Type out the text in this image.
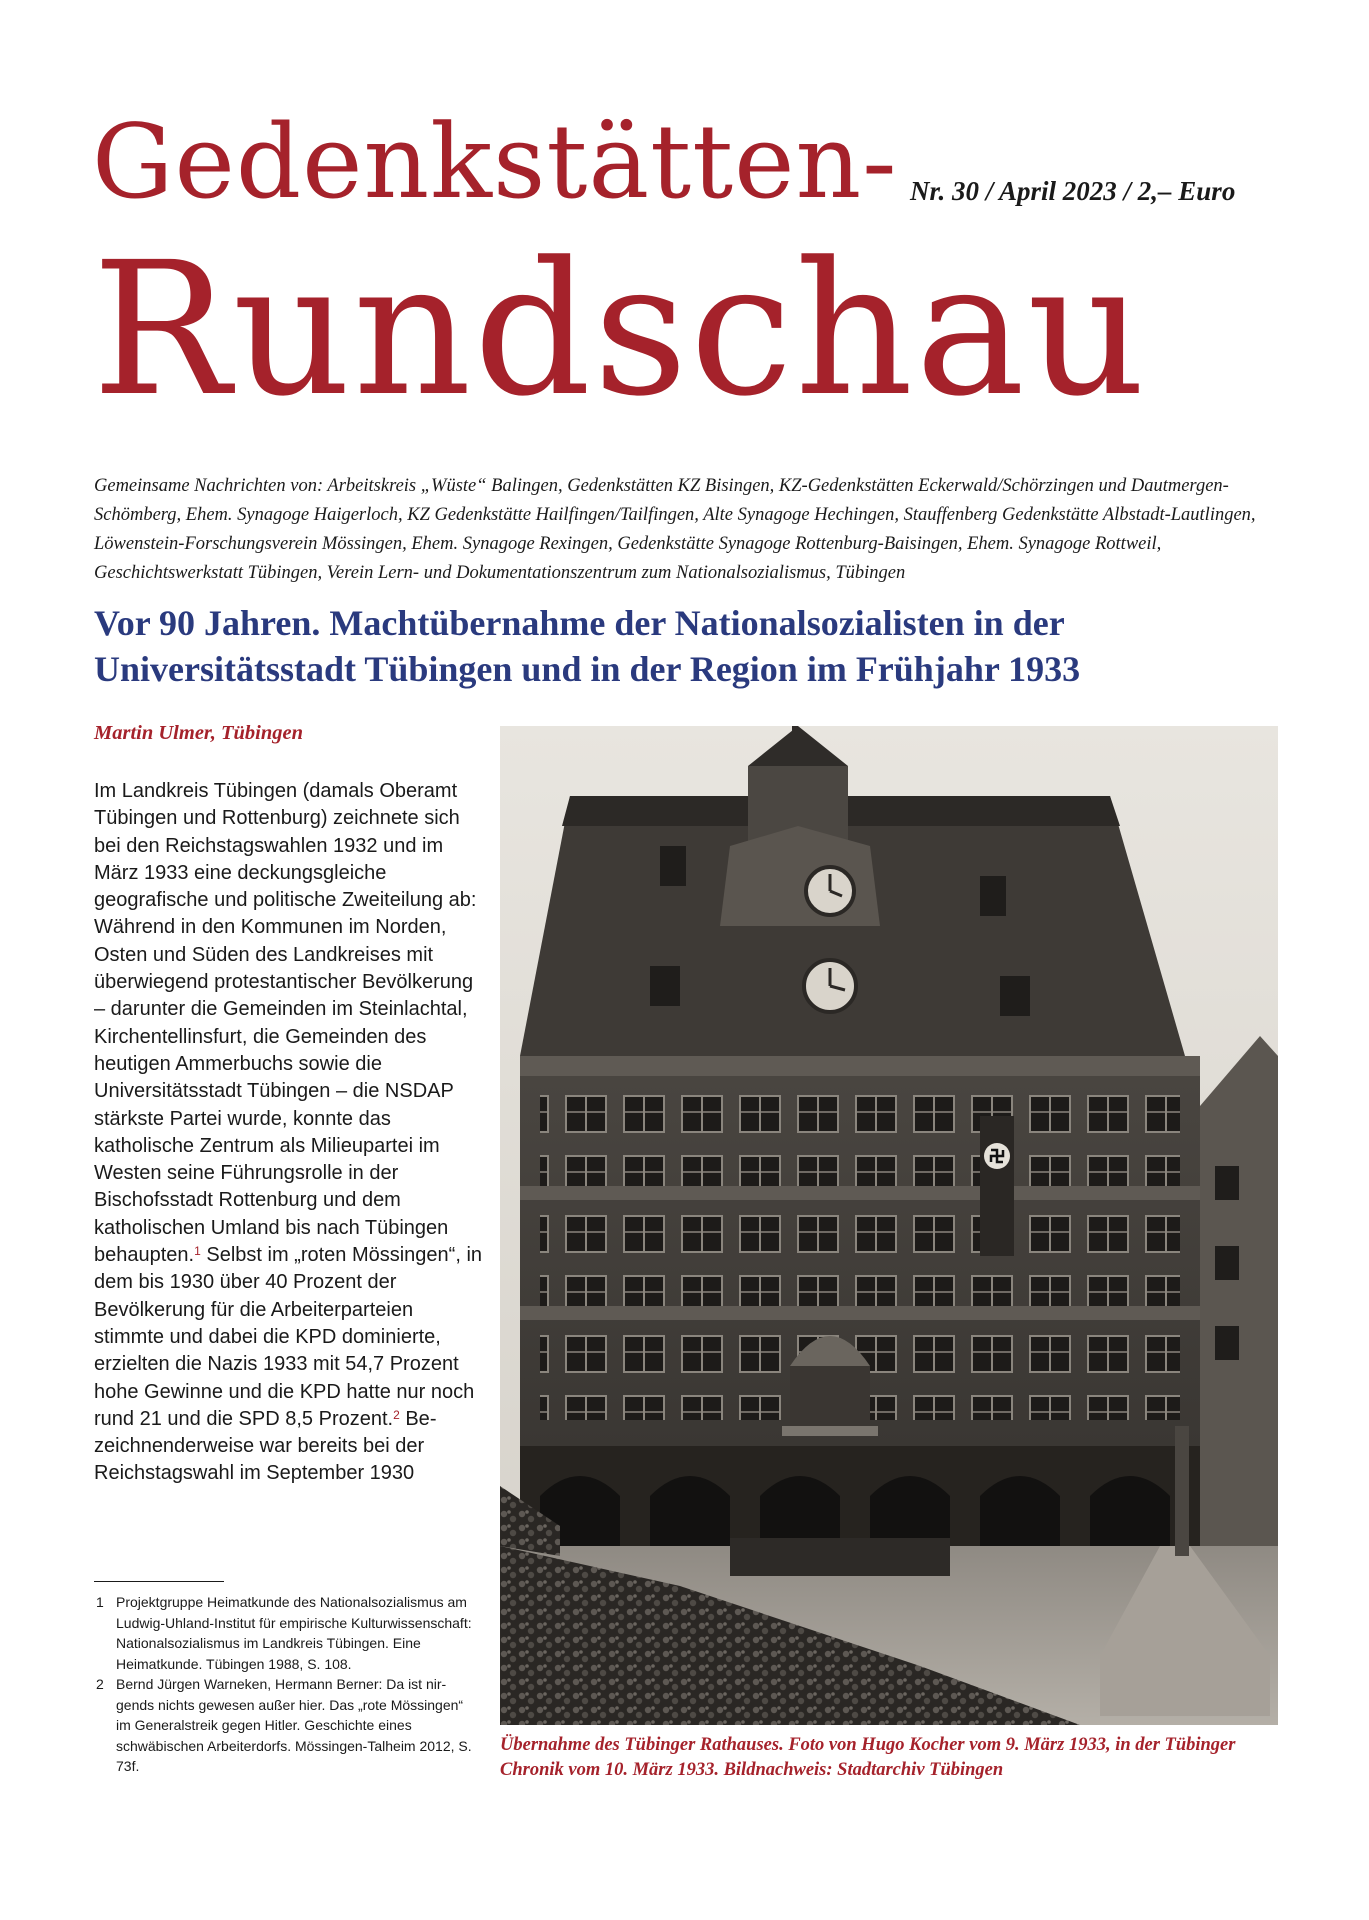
Gedenkstätten- Nr. 30 / April 2023 / 2,– Euro
Rundschau
Gemeinsame Nachrichten von: Arbeitskreis „Wüste“ Balingen, Gedenkstätten KZ Bisingen, KZ-Gedenkstätten Eckerwald/Schörzingen und Dautmergen-Schömberg, Ehem. Synagoge Haigerloch, KZ Gedenkstätte Hailfingen/Tailfingen, Alte Synagoge Hechingen, Stauffenberg Gedenkstätte Albstadt-Lautlingen, Löwenstein-Forschungsverein Mössingen, Ehem. Synagoge Rexingen, Gedenkstätte Synagoge Rottenburg-Baisingen, Ehem. Synagoge Rottweil, Geschichtswerkstatt Tübingen, Verein Lern- und Dokumentationszentrum zum Nationalsozialismus, Tübingen
Vor 90 Jahren. Machtübernahme der Nationalsozialisten in der Universitätsstadt Tübingen und in der Region im Frühjahr 1933
Martin Ulmer, Tübingen

Im Landkreis Tübingen (damals Oberamt Tübingen und Rottenburg) zeichnete sich bei den Reichstagswahlen 1932 und im März 1933 eine deckungsgleiche geografische und politische Zweiteilung ab: Während in den Kommunen im Norden, Osten und Süden des Landkreises mit überwiegend protestantischer Bevölkerung – darunter die Gemeinden im Steinlachtal, Kirchentellinsfurt, die Gemeinden des heutigen Ammerbuchs sowie die Universitätsstadt Tübingen – die NSDAP stärkste Partei wurde, konnte das katholische Zentrum als Milieupartei im Westen seine Führungsrolle in der Bischofsstadt Rottenburg und dem katholischen Umland bis nach Tübingen behaupten.$^1$ Selbst im „roten Mössingen“, in dem bis 1930 über 40 Prozent der Bevölkerung für die Arbeiterparteien stimmte und dabei die KPD dominierte, erzielten die Nazis 1933 mit 54,7 Prozent hohe Gewinne und die KPD hatte nur noch rund 21 und die SPD 8,5 Prozent.$^2$ Bezeichnenderweise war bereits bei der Reichstagswahl im September 1930

1 Projektgruppe Heimatkunde des Nationalsozialismus am Ludwig-Uhland-Institut für empirische Kulturwissenschaft: Nationalsozialismus im Landkreis Tübingen. Eine Heimatkunde. Tübingen 1988, S. 108.
2 Bernd Jürgen Warneken, Hermann Berner: Da ist nirgends nichts gewesen außer hier. Das „rote Mössingen“ im Generalstreik gegen Hitler. Geschichte eines schwäbischen Arbeiterdorfs. Mössingen-Talheim 2012, S. 73f.
Übernahme des Tübinger Rathauses. Foto von Hugo Kocher vom 9. März 1933, in der Tübinger Chronik vom 10. März 1933. Bildnachweis: Stadtarchiv Tübingen
